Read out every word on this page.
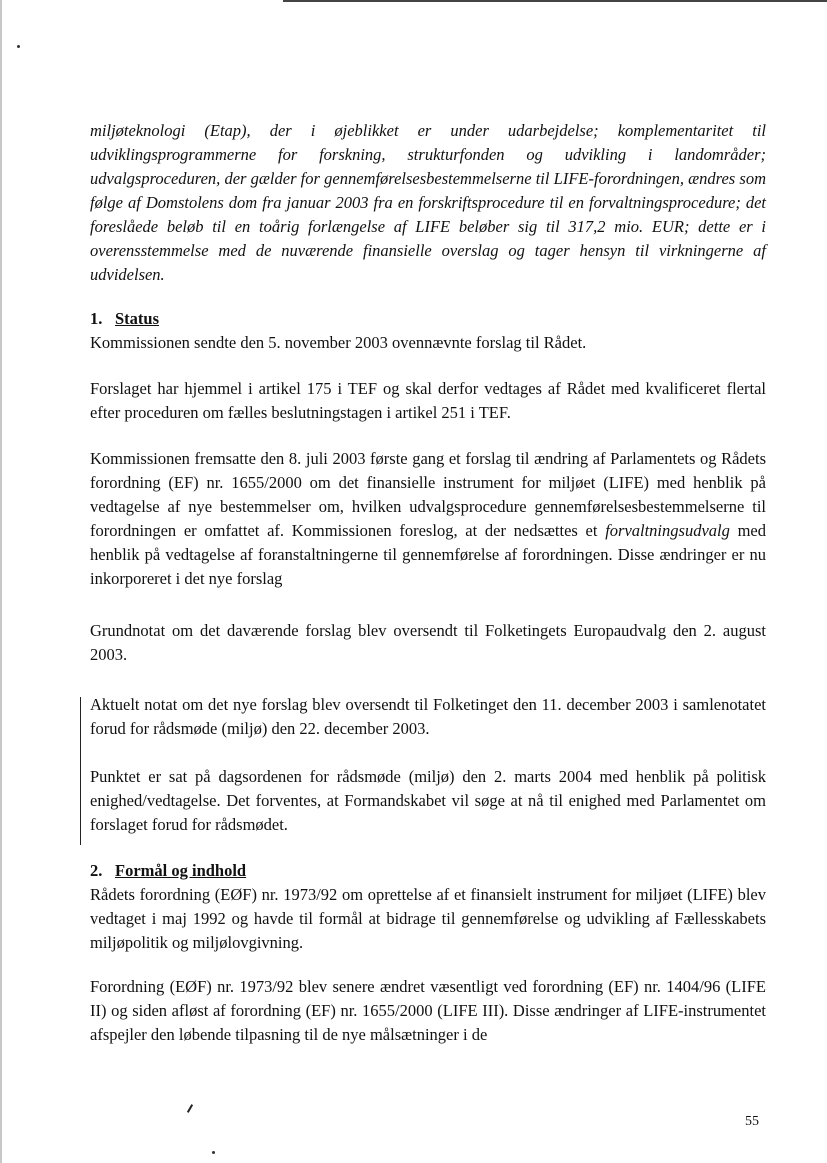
miljøteknologi (Etap), der i øjeblikket er under udarbejdelse; komplementaritet til udviklingsprogrammerne for forskning, strukturfonden og udvikling i landområder; udvalgsproceduren, der gælder for gennemførelsesbestemmelserne til LIFE-forordningen, ændres som følge af Domstolens dom fra januar 2003 fra en forskriftsprocedure til en forvaltningsprocedure; det foreslåede beløb til en toårig forlængelse af LIFE beløber sig til 317,2 mio. EUR; dette er i overensstemmelse med de nuværende finansielle overslag og tager hensyn til virkningerne af udvidelsen.

1. Status

Kommissionen sendte den 5. november 2003 ovennævnte forslag til Rådet.

Forslaget har hjemmel i artikel 175 i TEF og skal derfor vedtages af Rådet med kvalificeret flertal efter proceduren om fælles beslutningstagen i artikel 251 i TEF.

Kommissionen fremsatte den 8. juli 2003 første gang et forslag til ændring af Parlamentets og Rådets forordning (EF) nr. 1655/2000 om det finansielle instrument for miljøet (LIFE) med henblik på vedtagelse af nye bestemmelser om, hvilken udvalgsprocedure gennemførelsesbestemmelserne til forordningen er omfattet af. Kommissionen foreslog, at der nedsættes et forvaltningsudvalg med henblik på vedtagelse af foranstaltningerne til gennemførelse af forordningen. Disse ændringer er nu inkorporeret i det nye forslag

Grundnotat om det daværende forslag blev oversendt til Folketingets Europaudvalg den 2. august 2003.

Aktuelt notat om det nye forslag blev oversendt til Folketinget den 11. december 2003 i samlenotatet forud for rådsmøde (miljø) den 22. december 2003.

Punktet er sat på dagsordenen for rådsmøde (miljø) den 2. marts 2004 med henblik på politisk enighed/vedtagelse. Det forventes, at Formandskabet vil søge at nå til enighed med Parlamentet om forslaget forud for rådsmødet.

2. Formål og indhold

Rådets forordning (EØF) nr. 1973/92 om oprettelse af et finansielt instrument for miljøet (LIFE) blev vedtaget i maj 1992 og havde til formål at bidrage til gennemførelse og udvikling af Fællesskabets miljøpolitik og miljølovgivning.

Forordning (EØF) nr. 1973/92 blev senere ændret væsentligt ved forordning (EF) nr. 1404/96 (LIFE II) og siden afløst af forordning (EF) nr. 1655/2000 (LIFE III). Disse ændringer af LIFE-instrumentet afspejler den løbende tilpasning til de nye målsætninger i de

55
